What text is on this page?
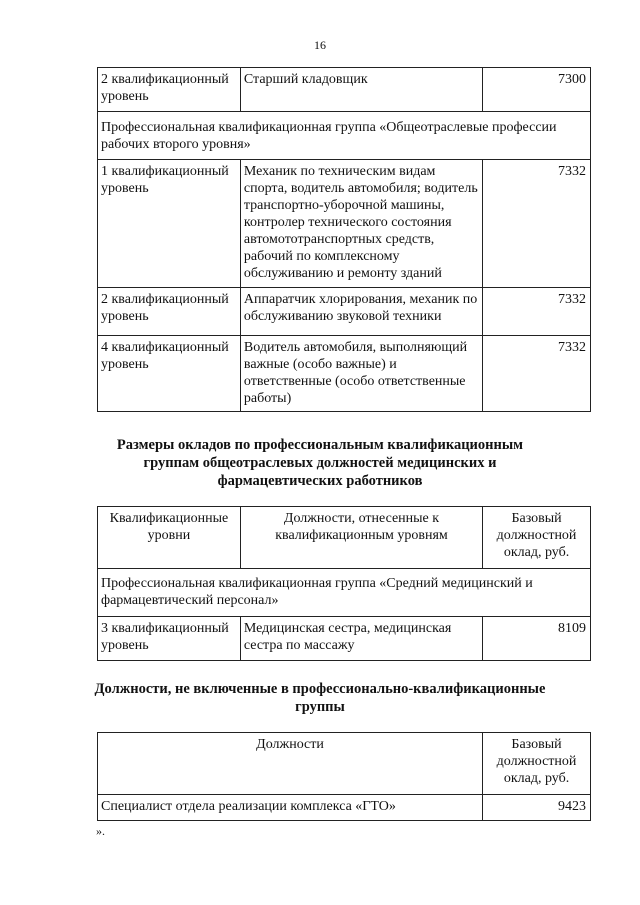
16
2 квалификационный уровень	Старший кладовщик	7300
Профессиональная квалификационная группа «Общеотраслевые профессии рабочих второго уровня»		
1 квалификационный уровень	Механик по техническим видам спорта, водитель автомобиля; водитель транспортно-уборочной машины, контролер технического состояния автомототранспортных средств, рабочий по комплексному обслуживанию и ремонту зданий	7332
2 квалификационный уровень	Аппаратчик хлорирования, механик по обслуживанию звуковой техники	7332
4 квалификационный уровень	Водитель автомобиля, выполняющий важные (особо важные) и ответственные (особо ответственные работы)	7332
Размеры окладов по профессиональным квалификационным группам общеотраслевых должностей медицинских и фармацевтических работников
Квалификационные уровни	Должности, отнесенные к квалификационным уровням	Базовый должностной оклад, руб.
Профессиональная квалификационная группа «Средний медицинский и фармацевтический персонал»		
3 квалификационный уровень	Медицинская сестра, медицинская сестра по массажу	8109
Должности, не включенные в профессионально-квалификационные группы
Должности	Базовый должностной оклад, руб.
Специалист отдела реализации комплекса «ГТО»	9423
».
